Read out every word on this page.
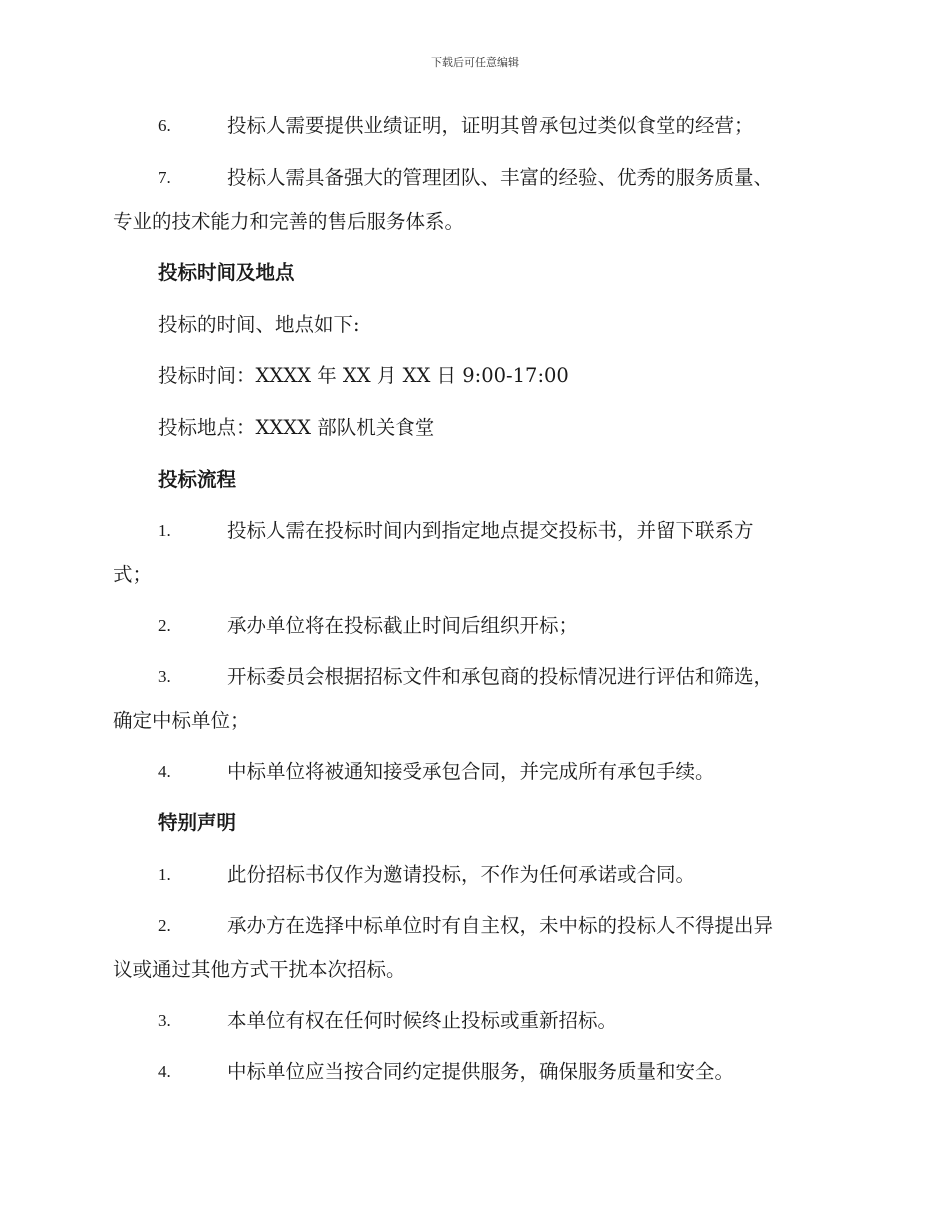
下载后可任意编辑
6.	投标人需要提供业绩证明，证明其曾承包过类似食堂的经营；
7.	投标人需具备强大的管理团队、丰富的经验、优秀的服务质量、
专业的技术能力和完善的售后服务体系。
投标时间及地点
投标的时间、地点如下:
投标时间：XXXX 年 XX 月 XX 日 9:00-17:00
投标地点：XXXX 部队机关食堂
投标流程
1.	投标人需在投标时间内到指定地点提交投标书，并留下联系方
式；
2.	承办单位将在投标截止时间后组织开标；
3.	开标委员会根据招标文件和承包商的投标情况进行评估和筛选，
确定中标单位；
4.	中标单位将被通知接受承包合同，并完成所有承包手续。
特别声明
1.	此份招标书仅作为邀请投标，不作为任何承诺或合同。
2.	承办方在选择中标单位时有自主权，未中标的投标人不得提出异
议或通过其他方式干扰本次招标。
3.	本单位有权在任何时候终止投标或重新招标。
4.	中标单位应当按合同约定提供服务，确保服务质量和安全。
